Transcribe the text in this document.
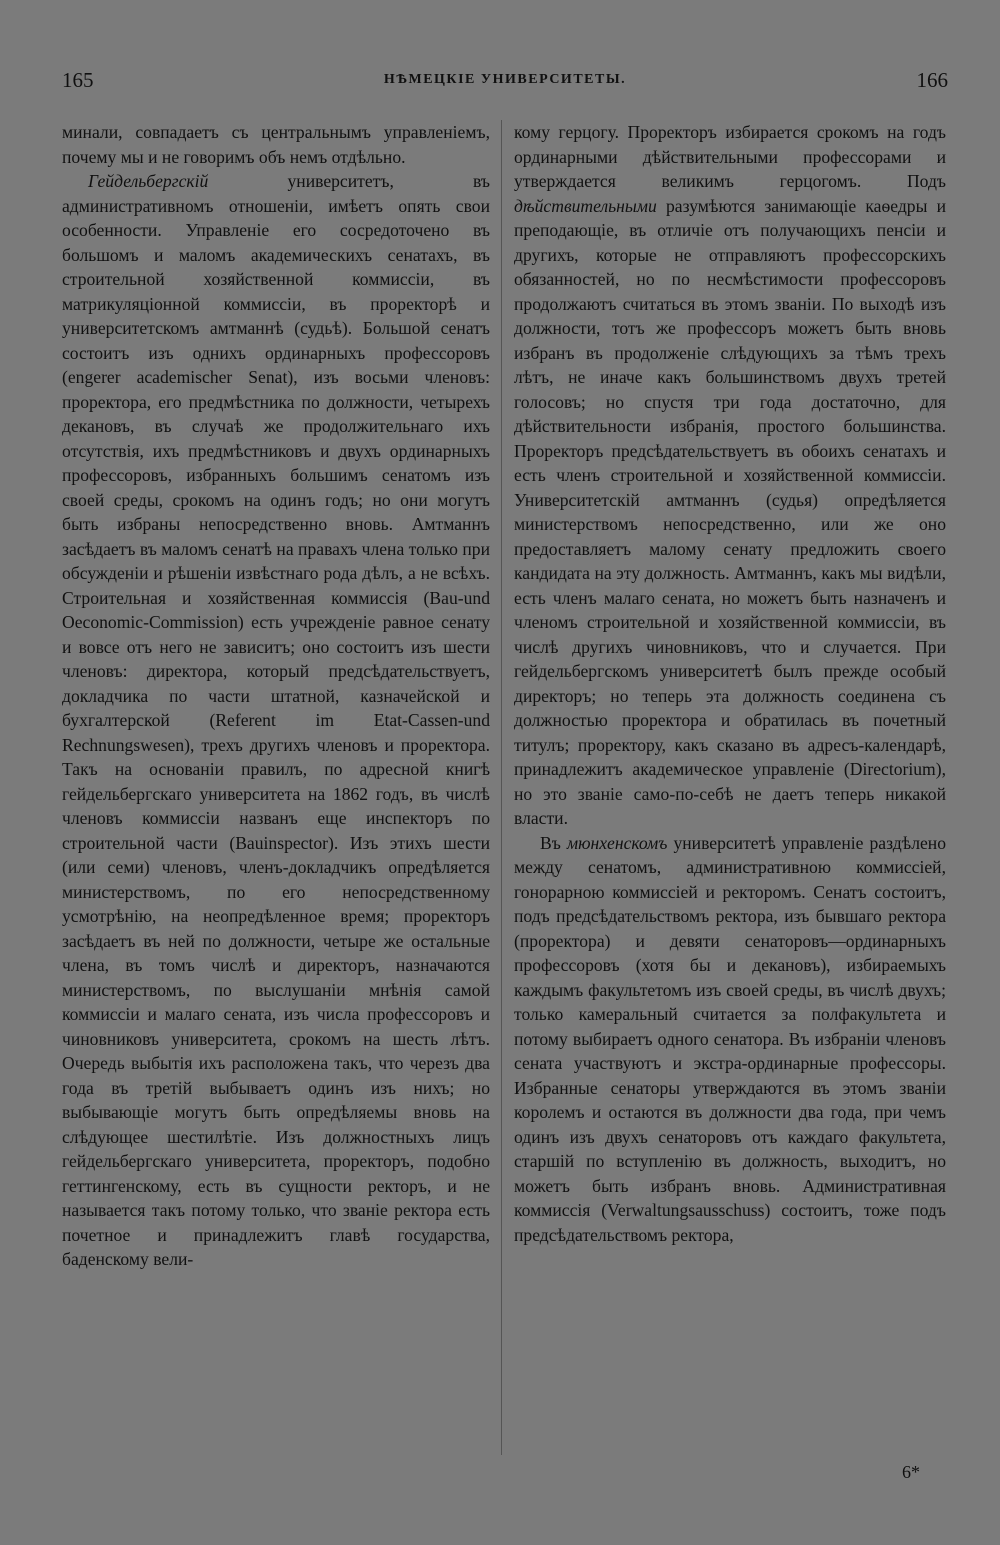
165	НѢМЕЦКІЕ УНИВЕРСИТЕТЫ.	166

минали, совпадаетъ съ центральнымъ управленіемъ, почему мы и не говоримъ объ немъ отдѣльно.

Гейдельбергскій университетъ, въ административномъ отношеніи, имѣетъ опять свои особенности. Управленіе его сосредоточено въ большомъ и маломъ академическихъ сенатахъ, въ строительной хозяйственной коммиссіи, въ матрикуляціонной коммиссіи, въ проректорѣ и университетскомъ амтманнѣ (судьѣ). Большой сенатъ состоитъ изъ однихъ ординарныхъ профессоровъ (engerer academischer Senat), изъ восьми членовъ: проректора, его предмѣстника по должности, четырехъ декановъ, въ случаѣ же продолжительнаго ихъ отсутствія, ихъ предмѣстниковъ и двухъ ординарныхъ профессоровъ, избранныхъ большимъ сенатомъ изъ своей среды, срокомъ на одинъ годъ; но они могутъ быть избраны непосредственно вновь. Амтманнъ засѣдаетъ въ маломъ сенатѣ на правахъ члена только при обсужденіи и рѣшеніи извѣстнаго рода дѣлъ, а не всѣхъ. Строительная и хозяйственная коммиссія (Bau-und Oeconomic-Commission) есть учрежденіе равное сенату и вовсе отъ него не зависитъ; оно состоитъ изъ шести членовъ: директора, который предсѣдательствуетъ, докладчика по части штатной, казначейской и бухгалтерской (Referent im Etat-Cassen-und Rechnungswesen), трехъ другихъ членовъ и проректора. Такъ на основаніи правилъ, по адресной книгѣ гейдельбергскаго университета на 1862 годъ, въ числѣ членовъ коммиссіи названъ еще инспекторъ по строительной части (Bauinspector). Изъ этихъ шести (или семи) членовъ, членъ-докладчикъ опредѣляется министерствомъ, по его непосредственному усмотрѣнію, на неопредѣленное время; проректоръ засѣдаетъ въ ней по должности, четыре же остальные члена, въ томъ числѣ и директоръ, назначаются министерствомъ, по выслушаніи мнѣнія самой коммиссіи и малаго сената, изъ числа профессоровъ и чиновниковъ университета, срокомъ на шесть лѣтъ. Очередь выбытія ихъ расположена такъ, что черезъ два года въ третій выбываетъ одинъ изъ нихъ; но выбывающіе могутъ быть опредѣляемы вновь на слѣдующее шестилѣтіе. Изъ должностныхъ лицъ гейдельбергскаго университета, проректоръ, подобно геттингенскому, есть въ сущности ректоръ, и не называется такъ потому только, что званіе ректора есть почетное и принадлежитъ главѣ государства, баденскому вели-

кому герцогу. Проректоръ избирается срокомъ на годъ ординарными дѣйствительными профессорами и утверждается великимъ герцогомъ. Подъ дѣйствительными разумѣются занимающіе каѳедры и преподающіе, въ отличіе отъ получающихъ пенсіи и другихъ, которые не отправляютъ профессорскихъ обязанностей, но по несмѣстимости профессоровъ продолжаютъ считаться въ этомъ званіи. По выходѣ изъ должности, тотъ же профессоръ можетъ быть вновь избранъ въ продолженіе слѣдующихъ за тѣмъ трехъ лѣтъ, не иначе какъ большинствомъ двухъ третей голосовъ; но спустя три года достаточно, для дѣйствительности избранія, простого большинства. Проректоръ предсѣдательствуетъ въ обоихъ сенатахъ и есть членъ строительной и хозяйственной коммиссіи. Университетскій амтманнъ (судья) опредѣляется министерствомъ непосредственно, или же оно предоставляетъ малому сенату предложить своего кандидата на эту должность. Амтманнъ, какъ мы видѣли, есть членъ малаго сената, но можетъ быть назначенъ и членомъ строительной и хозяйственной коммиссіи, въ числѣ другихъ чиновниковъ, что и случается. При гейдельбергскомъ университетѣ былъ прежде особый директоръ; но теперь эта должность соединена съ должностью проректора и обратилась въ почетный титулъ; проректору, какъ сказано въ адресъ-календарѣ, принадлежитъ академическое управленіе (Directorium), но это званіе само-по-себѣ не даетъ теперь никакой власти.

Въ мюнхенскомъ университетѣ управленіе раздѣлено между сенатомъ, административною коммиссіей, гонорарною коммиссіей и ректоромъ. Сенатъ состоитъ, подъ предсѣдательствомъ ректора, изъ бывшаго ректора (проректора) и девяти сенаторовъ—ординарныхъ профессоровъ (хотя бы и декановъ), избираемыхъ каждымъ факультетомъ изъ своей среды, въ числѣ двухъ; только камеральный считается за полфакультета и потому выбираетъ одного сенатора. Въ избраніи членовъ сената участвуютъ и экстра-ординарные профессоры. Избранные сенаторы утверждаются въ этомъ званіи королемъ и остаются въ должности два года, при чемъ одинъ изъ двухъ сенаторовъ отъ каждаго факультета, старшій по вступленію въ должность, выходитъ, но можетъ быть избранъ вновь. Административная коммиссія (Verwaltungsausschuss) состоитъ, тоже подъ предсѣдательствомъ ректора,

6*
